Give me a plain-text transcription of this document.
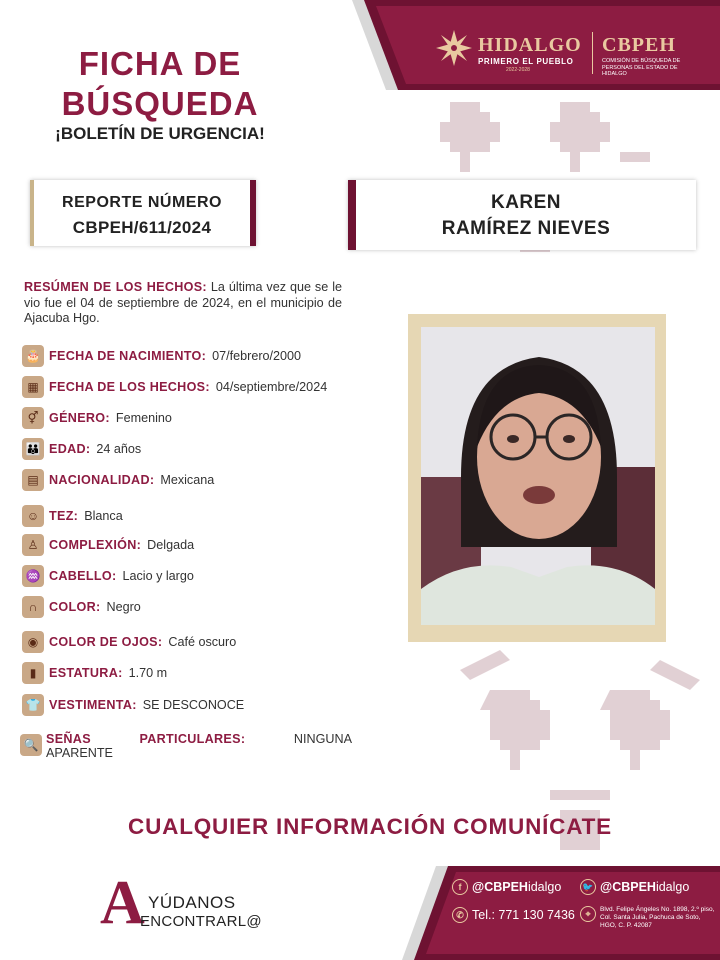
HIDALGO
PRIMERO EL PUEBLO
2022-2028
CBPEH
COMISIÓN DE BÚSQUEDA DE PERSONAS DEL ESTADO DE HIDALGO
FICHA DE
BÚSQUEDA
¡BOLETÍN DE URGENCIA!
REPORTE NÚMERO
CBPEH/611/2024
KAREN
RAMÍREZ NIEVES
RESÚMEN DE LOS HECHOS: La última vez que se le vio fue el 04 de septiembre de 2024, en el municipio de Ajacuba Hgo.
🎂 FECHA DE NACIMIENTO: 07/febrero/2000
▦ FECHA DE LOS HECHOS: 04/septiembre/2024
⚥ GÉNERO: Femenino
👪 EDAD: 24 años
▤ NACIONALIDAD: Mexicana
☺ TEZ: Blanca
♙ COMPLEXIÓN: Delgada
♒ CABELLO: Lacio y largo
∩ COLOR: Negro
◉ COLOR DE OJOS: Café oscuro
▮	ESTATURA: 1.70 m
👕 VESTIMENTA: SE DESCONOCE
🔍 SEÑAS	PARTICULARES:	NINGUNA
APARENTE
CUALQUIER INFORMACIÓN COMUNÍCATE
A YÚDANOS
ENCONTRARL@
f @CBPEHidalgo 🐦 @CBPEHidalgo
✆ Tel.: 771 130 7436	⌖	Blvd. Felipe Ángeles No. 1898, 2.º piso, Col. Santa Julia, Pachuca de Soto, HGO, C. P. 42087
